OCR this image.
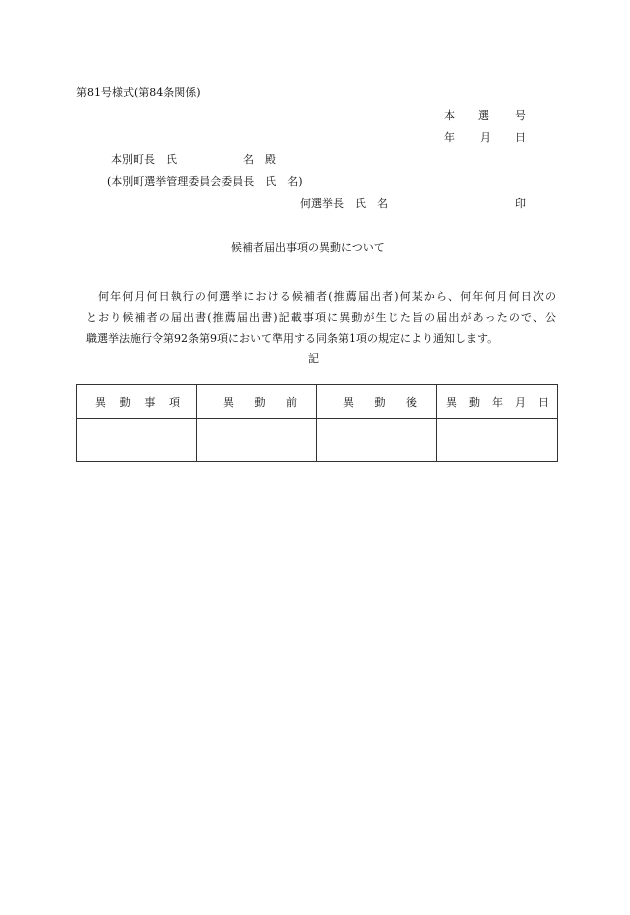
第81号様式(第84条関係)
本 選 号
年 月 日
本別町長　氏	名　殿
(本別町選挙管理委員会委員長　氏　名)
何選挙長　氏　名	印
候補者届出事項の異動について
何年何月何日執行の何選挙における候補者(推薦届出者)何某から、何年何月何日次の
とおり候補者の届出書(推薦届出書)記載事項に異動が生じた旨の届出があったので、公
職選挙法施行令第92条第9項において準用する同条第1項の規定により通知します。
記
異 動 事 項	異 動 前	異 動 後	異 動 年 月 日
